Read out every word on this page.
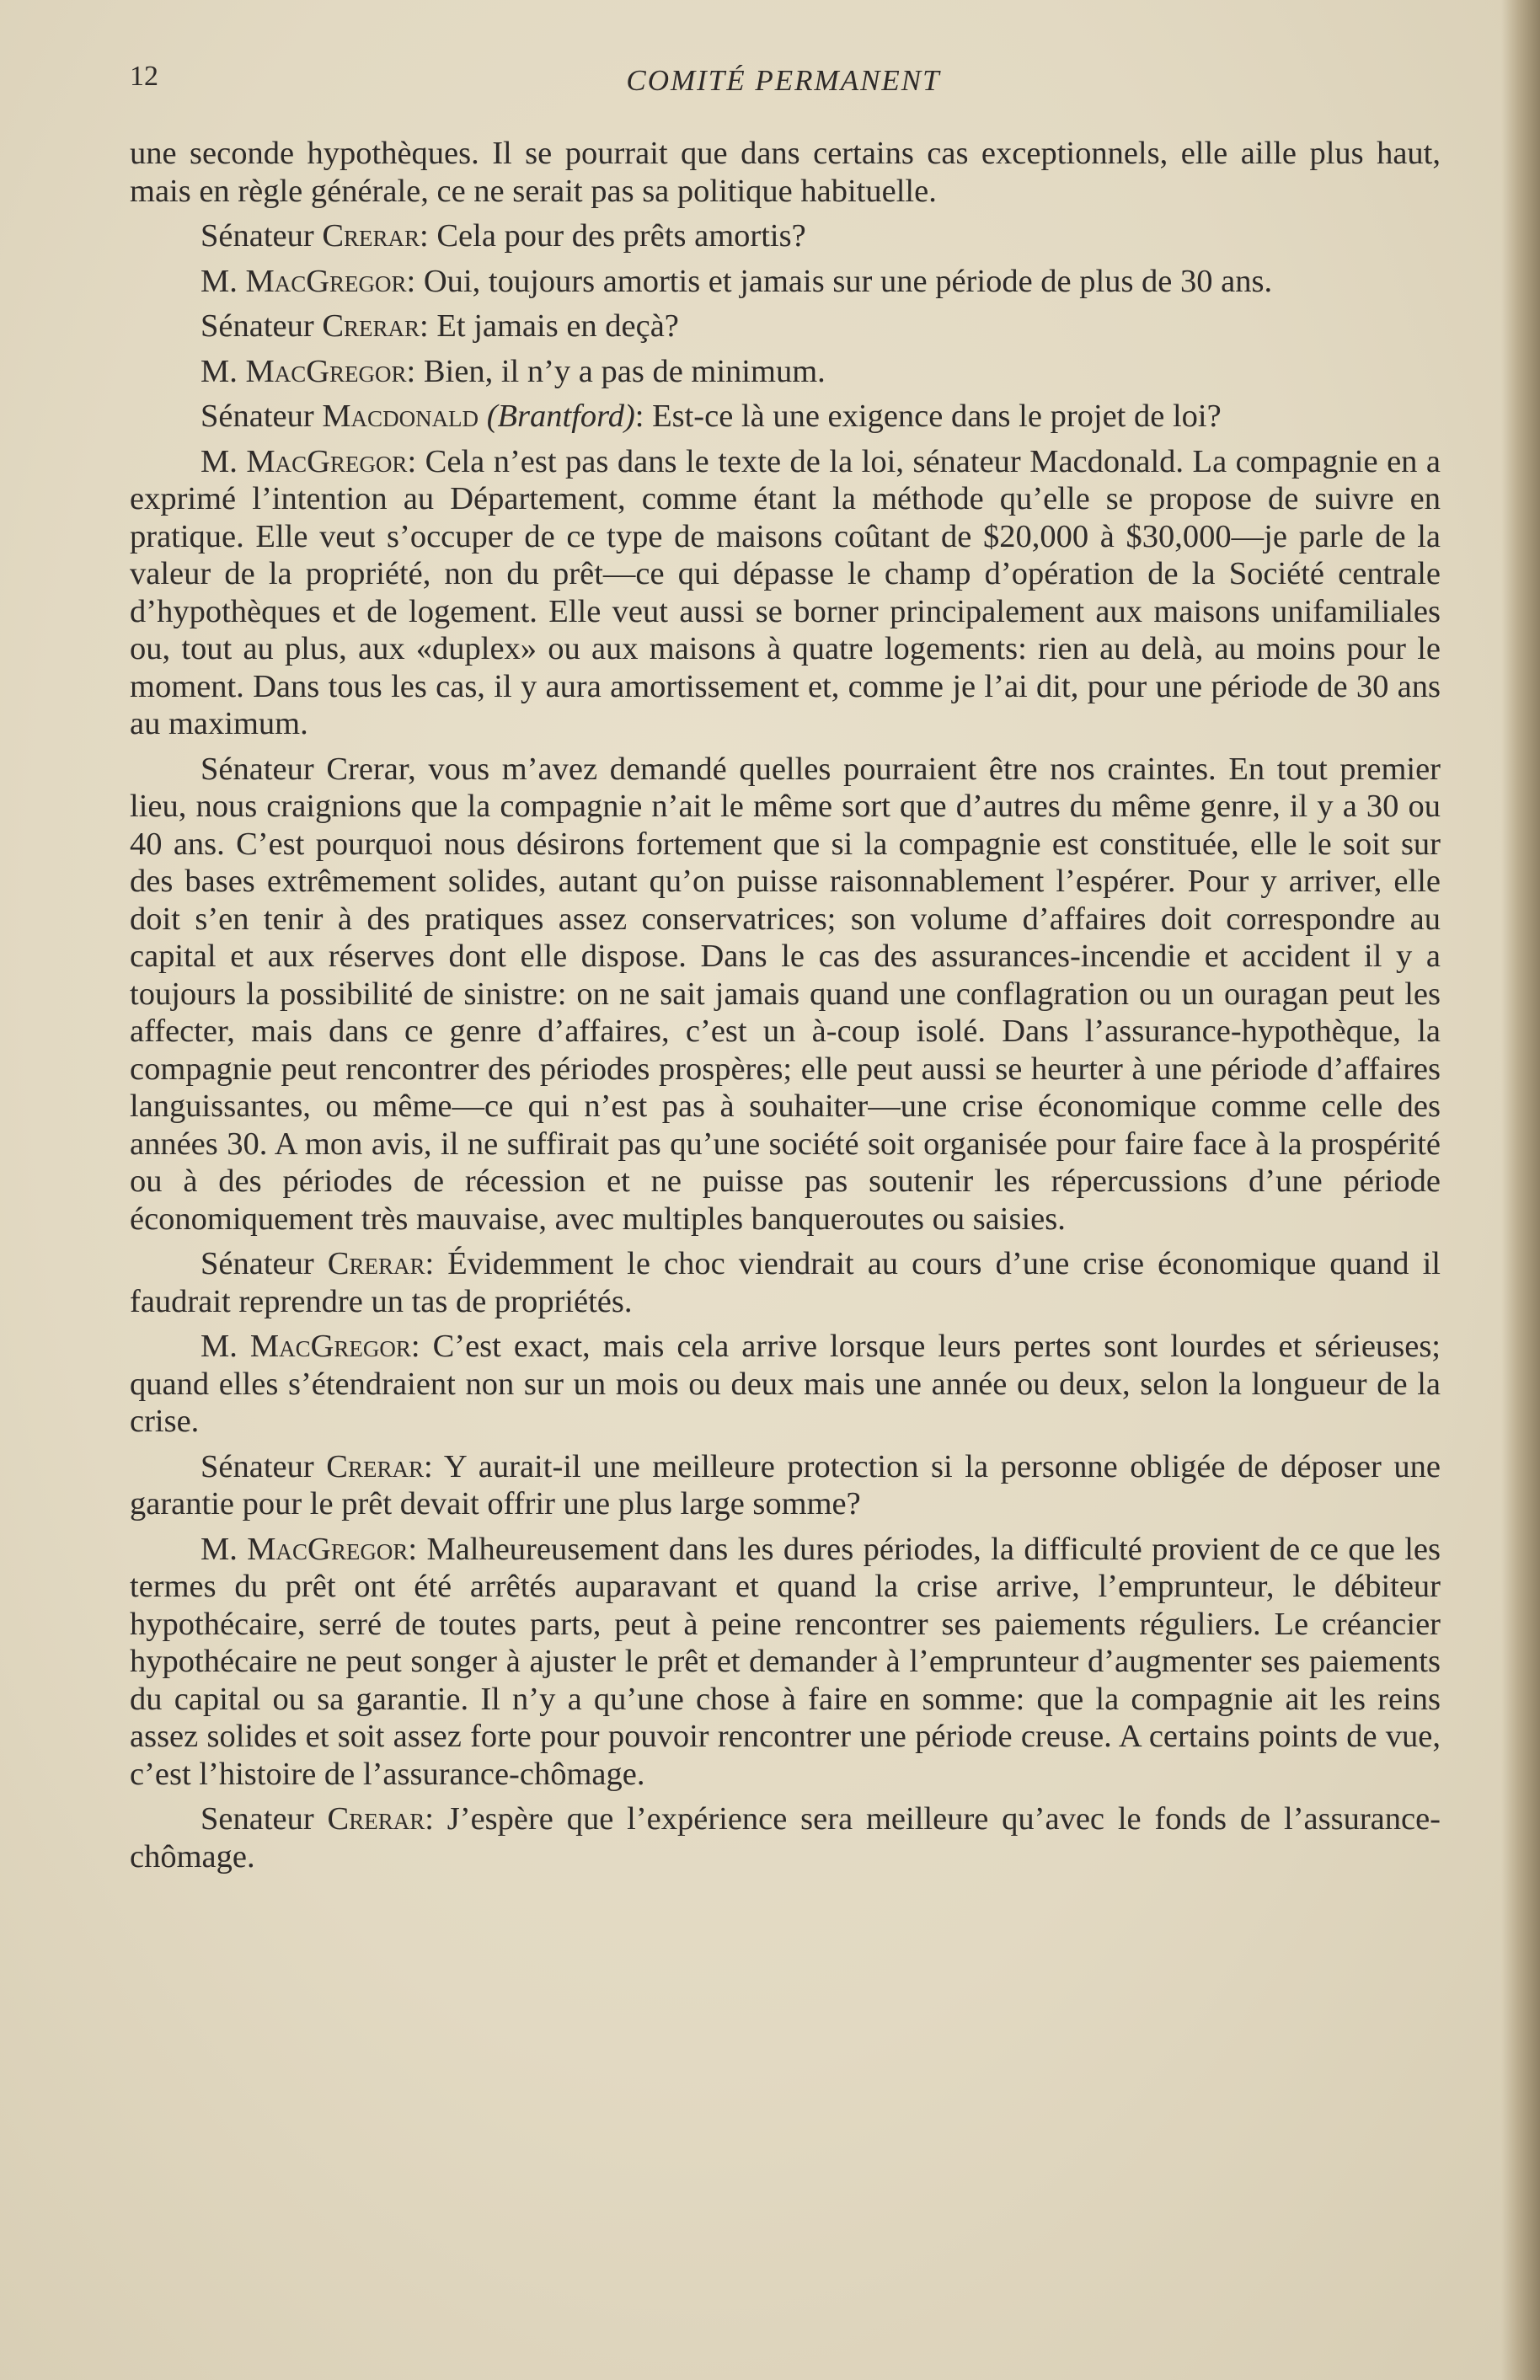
12	COMITÉ PERMANENT

une seconde hypothèques. Il se pourrait que dans certains cas exceptionnels, elle aille plus haut, mais en règle générale, ce ne serait pas sa politique habituelle.

Sénateur Crerar: Cela pour des prêts amortis?

M. MacGregor: Oui, toujours amortis et jamais sur une période de plus de 30 ans.

Sénateur Crerar: Et jamais en deçà?

M. MacGregor: Bien, il n’y a pas de minimum.

Sénateur Macdonald (Brantford): Est-ce là une exigence dans le projet de loi?

M. MacGregor: Cela n’est pas dans le texte de la loi, sénateur Macdonald. La compagnie en a exprimé l’intention au Département, comme étant la méthode qu’elle se propose de suivre en pratique. Elle veut s’occuper de ce type de maisons coûtant de $20,000 à $30,000—je parle de la valeur de la propriété, non du prêt—ce qui dépasse le champ d’opération de la Société centrale d’hypothèques et de logement. Elle veut aussi se borner principalement aux maisons unifamiliales ou, tout au plus, aux «duplex» ou aux maisons à quatre logements: rien au delà, au moins pour le moment. Dans tous les cas, il y aura amortissement et, comme je l’ai dit, pour une période de 30 ans au maximum.

Sénateur Crerar, vous m’avez demandé quelles pourraient être nos craintes. En tout premier lieu, nous craignions que la compagnie n’ait le même sort que d’autres du même genre, il y a 30 ou 40 ans. C’est pourquoi nous désirons fortement que si la compagnie est constituée, elle le soit sur des bases extrêmement solides, autant qu’on puisse raisonnablement l’espérer. Pour y arriver, elle doit s’en tenir à des pratiques assez conservatrices; son volume d’affaires doit correspondre au capital et aux réserves dont elle dispose. Dans le cas des assurances-incendie et accident il y a toujours la possibilité de sinistre: on ne sait jamais quand une conflagration ou un ouragan peut les affecter, mais dans ce genre d’affaires, c’est un à-coup isolé. Dans l’assurance-hypothèque, la compagnie peut rencontrer des périodes prospères; elle peut aussi se heurter à une période d’affaires languissantes, ou même—ce qui n’est pas à souhaiter—une crise économique comme celle des années 30. A mon avis, il ne suffirait pas qu’une société soit organisée pour faire face à la prospérité ou à des périodes de récession et ne puisse pas soutenir les répercussions d’une période économiquement très mauvaise, avec multiples banqueroutes ou saisies.

Sénateur Crerar: Évidemment le choc viendrait au cours d’une crise économique quand il faudrait reprendre un tas de propriétés.

M. MacGregor: C’est exact, mais cela arrive lorsque leurs pertes sont lourdes et sérieuses; quand elles s’étendraient non sur un mois ou deux mais une année ou deux, selon la longueur de la crise.

Sénateur Crerar: Y aurait-il une meilleure protection si la personne obligée de déposer une garantie pour le prêt devait offrir une plus large somme?

M. MacGregor: Malheureusement dans les dures périodes, la difficulté provient de ce que les termes du prêt ont été arrêtés auparavant et quand la crise arrive, l’emprunteur, le débiteur hypothécaire, serré de toutes parts, peut à peine rencontrer ses paiements réguliers. Le créancier hypothécaire ne peut songer à ajuster le prêt et demander à l’emprunteur d’augmenter ses paiements du capital ou sa garantie. Il n’y a qu’une chose à faire en somme: que la compagnie ait les reins assez solides et soit assez forte pour pouvoir rencontrer une période creuse. A certains points de vue, c’est l’histoire de l’assurance-chômage.

Senateur Crerar: J’espère que l’expérience sera meilleure qu’avec le fonds de l’assurance-chômage.
